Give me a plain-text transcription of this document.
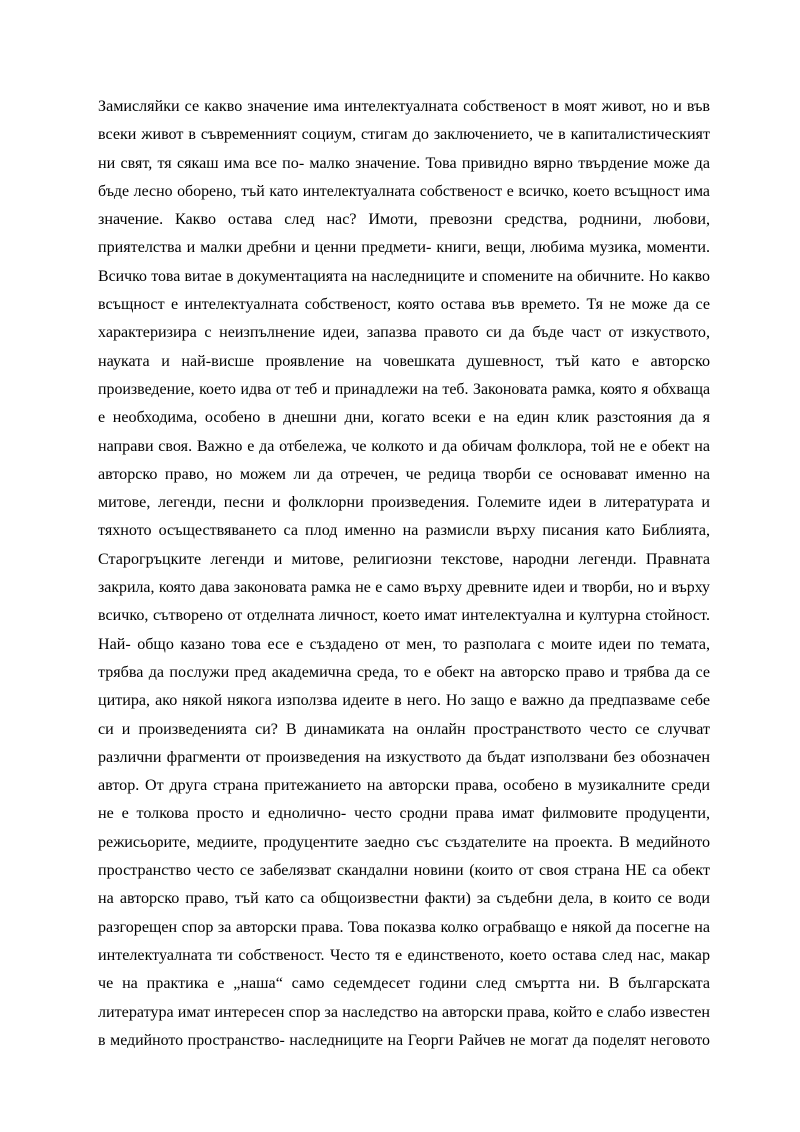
Замисляйки се какво значение има интелектуалната собственост в моят живот, но и във
всеки живот в съвременният социум, стигам до заключението, че в капиталистическият
ни свят, тя сякаш има все по- малко значение. Това привидно вярно твърдение може да
бъде лесно оборено, тъй като интелектуалната собственост е всичко, което всъщност има
значение. Какво остава след нас? Имоти, превозни средства, роднини, любови,
приятелства и малки дребни и ценни предмети- книги, вещи, любима музика, моменти.
Всичко това витае в документацията на наследниците и спомените на обичните. Но какво
всъщност е интелектуалната собственост, която остава във времето. Тя не може да се
характеризира с неизпълнение идеи, запазва правото си да бъде част от изкуството,
науката и най-висше проявление на човешката душевност, тъй като е авторско
произведение, което идва от теб и принадлежи на теб. Законовата рамка, която я обхваща
е необходима, особено в днешни дни, когато всеки е на един клик разстояния да я
направи своя. Важно е да отбележа, че колкото и да обичам фолклора, той не е обект на
авторско право, но можем ли да отречен, че редица творби се основават именно на
митове, легенди, песни и фолклорни произведения. Големите идеи в литературата и
тяхното осъществяването са плод именно на размисли върху писания като Библията,
Старогръцките легенди и митове, религиозни текстове, народни легенди. Правната
закрила, която дава законовата рамка не е само върху древните идеи и творби, но и върху
всичко, сътворено от отделната личност, което имат интелектуална и културна стойност.
Най- общо казано това есе е създадено от мен, то разполага с моите идеи по темата,
трябва да послужи пред академична среда, то е обект на авторско право и трябва да се
цитира, ако някой някога използва идеите в него. Но защо е важно да предпазваме себе
си и произведенията си? В динамиката на онлайн пространството често се случват
различни фрагменти от произведения на изкуството да бъдат използвани без обозначен
автор. От друга страна притежанието на авторски права, особено в музикалните среди
не е толкова просто и еднолично- често сродни права имат филмовите продуценти,
режисьорите, медиите, продуцентите заедно със създателите на проекта. В медийното
пространство често се забелязват скандални новини (които от своя страна НЕ са обект
на авторско право, тъй като са общоизвестни факти) за съдебни дела, в които се води
разгорещен спор за авторски права. Това показва колко ограбващо е някой да посегне на
интелектуалната ти собственост. Често тя е единственото, което остава след нас, макар
че на практика е „наша“ само седемдесет години след смъртта ни. В българската
литература имат интересен спор за наследство на авторски права, който е слабо известен
в медийното пространство- наследниците на Георги Райчев не могат да поделят неговото
